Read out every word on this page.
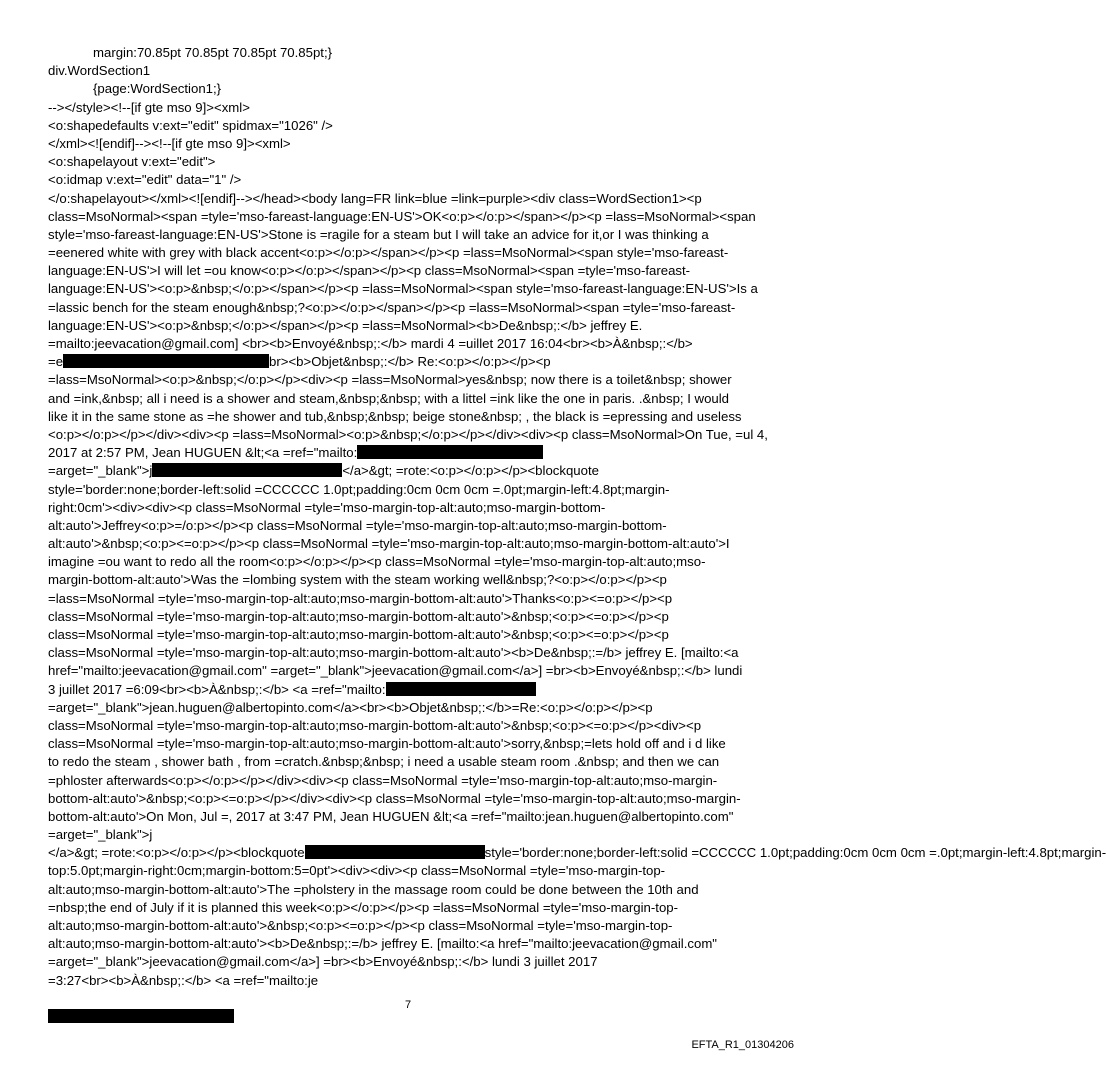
margin:70.85pt 70.85pt 70.85pt 70.85pt;}
div.WordSection1
{page:WordSection1;}
--></style><!--[if gte mso 9]><xml>
<o:shapedefaults v:ext="edit" spidmax="1026" />
</xml><![endif]--><!--[if gte mso 9]><xml>
<o:shapelayout v:ext="edit">
<o:idmap v:ext="edit" data="1" />
</o:shapelayout></xml><![endif]--></head><body lang=FR link=blue =link=purple><div class=WordSection1><p
class=MsoNormal><span =tyle='mso-fareast-language:EN-US'>OK<o:p></o:p></span></p><p =lass=MsoNormal><span
style='mso-fareast-language:EN-US'>Stone is =ragile for a steam but I will take an advice for it,or I was thinking a
=eenered white with grey with black accent<o:p></o:p></span></p><p =lass=MsoNormal><span style='mso-fareast-
language:EN-US'>I will let =ou know<o:p></o:p></span></p><p class=MsoNormal><span =tyle='mso-fareast-
language:EN-US'><o:p>&nbsp;</o:p></span></p><p =lass=MsoNormal><span style='mso-fareast-language:EN-US'>Is a
=lassic bench for the steam enough&nbsp;?<o:p></o:p></span></p><p =lass=MsoNormal><span =tyle='mso-fareast-
language:EN-US'><o:p>&nbsp;</o:p></span></p><p =lass=MsoNormal><b>De&nbsp;:</b> jeffrey E.
=mailto:jeevacation@gmail.com] <br><b>Envoyé&nbsp;:</b> mardi 4 =uillet 2017 16:04<br><b>À&nbsp;:</b>
=e	br><b>Objet&nbsp;:</b> Re:<o:p></o:p></p><p
=lass=MsoNormal><o:p>&nbsp;</o:p></p><div><p =lass=MsoNormal>yes&nbsp; now there is a toilet&nbsp; shower
and =ink,&nbsp; all i need is a shower and steam,&nbsp;&nbsp; with a littel =ink like the one in paris. .&nbsp; I would
like it in the same stone as =he shower and tub,&nbsp;&nbsp; beige stone&nbsp; , the black is =epressing and useless
<o:p></o:p></p></div><div><p =lass=MsoNormal><o:p>&nbsp;</o:p></p></div><div><p class=MsoNormal>On Tue, =ul 4,
2017 at 2:57 PM, Jean HUGUEN &lt;<a =ref="mailto:
=arget="_blank">j	</a>&gt; =rote:<o:p></o:p></p><blockquote
style='border:none;border-left:solid =CCCCCC 1.0pt;padding:0cm 0cm 0cm =.0pt;margin-left:4.8pt;margin-
right:0cm'><div><div><p class=MsoNormal =tyle='mso-margin-top-alt:auto;mso-margin-bottom-
alt:auto'>Jeffrey<o:p>=/o:p></p><p class=MsoNormal =tyle='mso-margin-top-alt:auto;mso-margin-bottom-
alt:auto'>&nbsp;<o:p><=o:p></p><p class=MsoNormal =tyle='mso-margin-top-alt:auto;mso-margin-bottom-alt:auto'>I
imagine =ou want to redo all the room<o:p></o:p></p><p class=MsoNormal =tyle='mso-margin-top-alt:auto;mso-
margin-bottom-alt:auto'>Was the =lombing system with the steam working well&nbsp;?<o:p></o:p></p><p
=lass=MsoNormal =tyle='mso-margin-top-alt:auto;mso-margin-bottom-alt:auto'>Thanks<o:p><=o:p></p><p
class=MsoNormal =tyle='mso-margin-top-alt:auto;mso-margin-bottom-alt:auto'>&nbsp;<o:p><=o:p></p><p
class=MsoNormal =tyle='mso-margin-top-alt:auto;mso-margin-bottom-alt:auto'>&nbsp;<o:p><=o:p></p><p
class=MsoNormal =tyle='mso-margin-top-alt:auto;mso-margin-bottom-alt:auto'><b>De&nbsp;:=/b> jeffrey E. [mailto:<a
href="mailto:jeevacation@gmail.com" =arget="_blank">jeevacation@gmail.com</a>] =br><b>Envoyé&nbsp;:</b> lundi
3 juillet 2017 =6:09<br><b>À&nbsp;:</b> <a =ref="mailto:
=arget="_blank">jean.huguen@albertopinto.com</a><br><b>Objet&nbsp;:</b>=Re:<o:p></o:p></p><p
class=MsoNormal =tyle='mso-margin-top-alt:auto;mso-margin-bottom-alt:auto'>&nbsp;<o:p><=o:p></p><div><p
class=MsoNormal =tyle='mso-margin-top-alt:auto;mso-margin-bottom-alt:auto'>sorry,&nbsp;=lets hold off and i d like
to redo the steam , shower bath , from =cratch.&nbsp;&nbsp; i need a usable steam room .&nbsp; and then we can
=phloster afterwards<o:p></o:p></p></div><div><p class=MsoNormal =tyle='mso-margin-top-alt:auto;mso-margin-
bottom-alt:auto'>&nbsp;<o:p><=o:p></p></div><div><p class=MsoNormal =tyle='mso-margin-top-alt:auto;mso-margin-
bottom-alt:auto'>On Mon, Jul =, 2017 at 3:47 PM, Jean HUGUEN &lt;<a =ref="mailto:jean.huguen@albertopinto.com"
=arget="_blank">j
</a>&gt; =rote:<o:p></o:p></p><blockquote	style='border:none;border-left:solid =CCCCCC 1.0pt;padding:0cm 0cm 0cm =.0pt;margin-left:4.8pt;margin-
top:5.0pt;margin-right:0cm;margin-bottom:5=0pt'><div><div><p class=MsoNormal =tyle='mso-margin-top-
alt:auto;mso-margin-bottom-alt:auto'>The =pholstery in the massage room could be done between the 10th and
=nbsp;the end of July if it is planned this week<o:p></o:p></p><p =lass=MsoNormal =tyle='mso-margin-top-
alt:auto;mso-margin-bottom-alt:auto'>&nbsp;<o:p><=o:p></p><p class=MsoNormal =tyle='mso-margin-top-
alt:auto;mso-margin-bottom-alt:auto'><b>De&nbsp;:=/b> jeffrey E. [mailto:<a href="mailto:jeevacation@gmail.com"
=arget="_blank">jeevacation@gmail.com</a>] =br><b>Envoyé&nbsp;:</b> lundi 3 juillet 2017
=3:27<br><b>À&nbsp;:</b> <a =ref="mailto:je
7
EFTA_R1_01304206
